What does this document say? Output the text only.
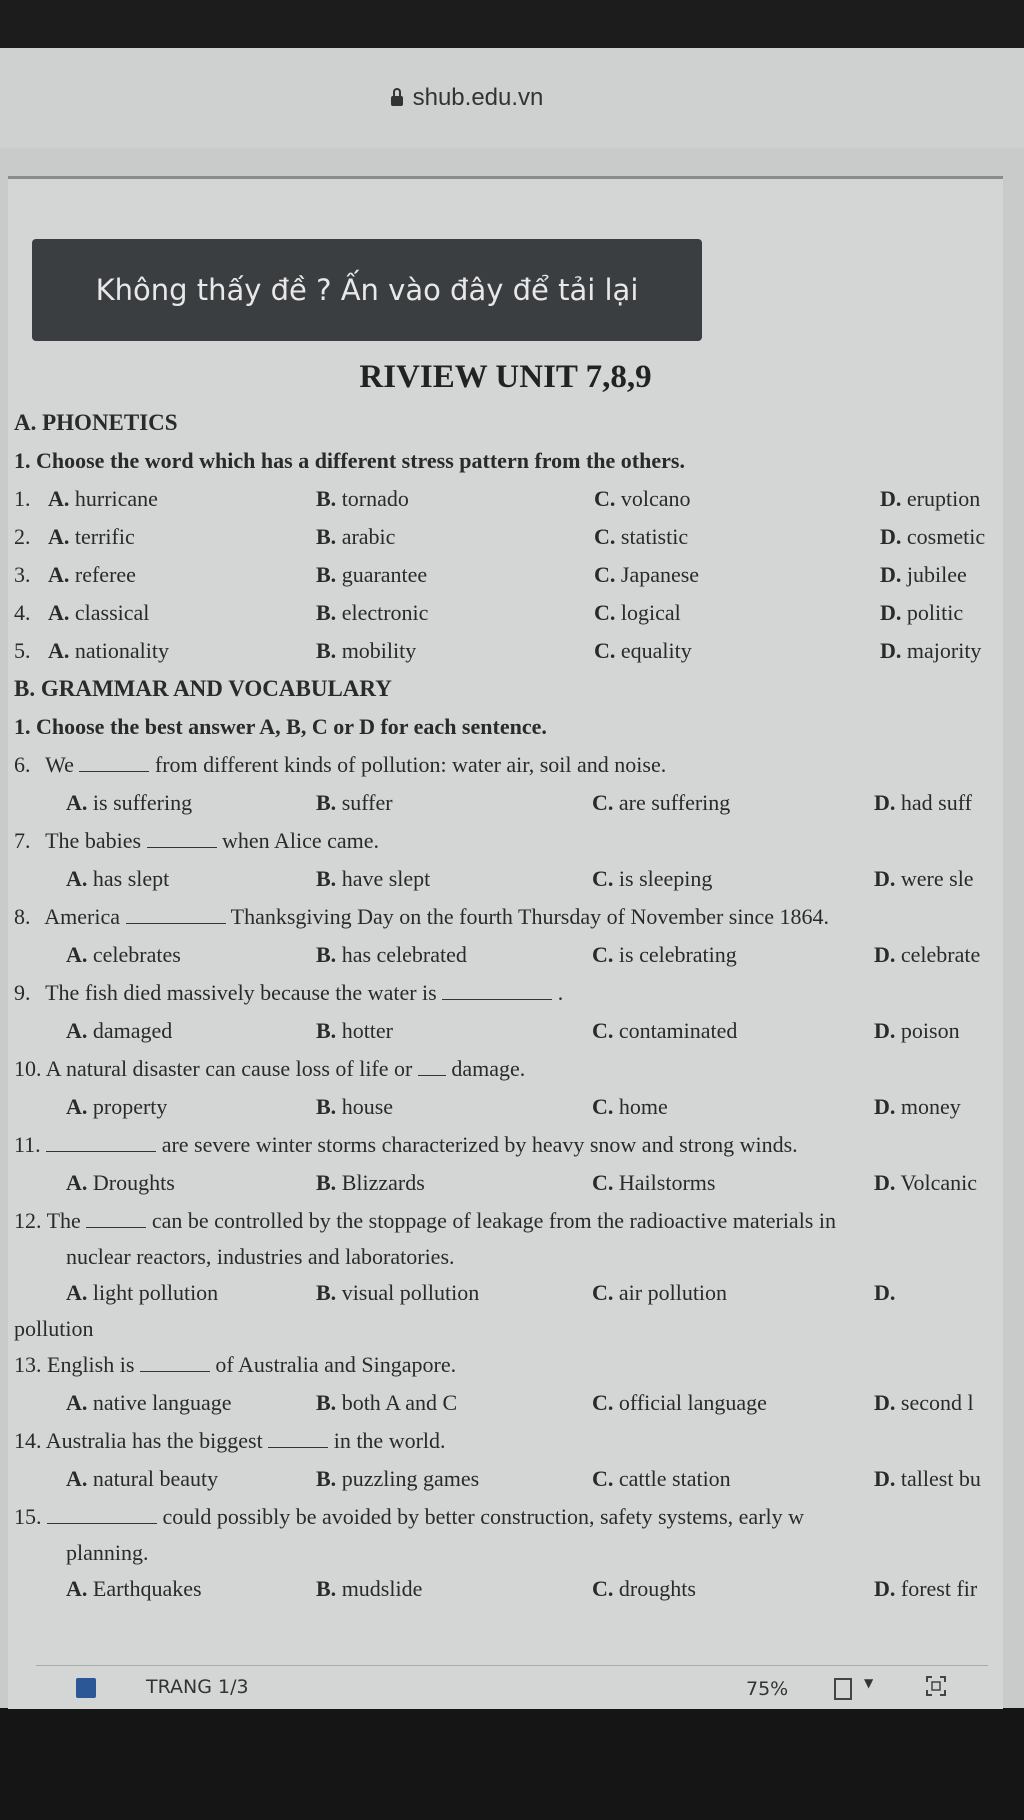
shub.edu.vn
Không thấy đề ? Ấn vào đây để tải lại
RIVIEW UNIT 7,8,9
A. PHONETICS
1. Choose the word which has a different stress pattern from the others.
1. A. hurricane	B. tornado	C. volcano	D. eruption
2. A. terrific	B. arabic	C. statistic	D. cosmetic
3. A. referee	B. guarantee	C. Japanese	D. jubilee
4. A. classical	B. electronic	C. logical	D. politic
5. A. nationality	B. mobility	C. equality	D. majority
B. GRAMMAR AND VOCABULARY
1. Choose the best answer A, B, C or D for each sentence.
6. We	from different kinds of pollution: water air, soil and noise.
A. is suffering	B. suffer	C. are suffering	D. had suff
7. The babies	when Alice came.
A. has slept	B. have slept	C. is sleeping	D. were sle
8. America	Thanksgiving Day on the fourth Thursday of November since 1864.
A. celebrates	B. has celebrated	C. is celebrating	D. celebrate
9. The fish died massively because the water is	.
A. damaged	B. hotter	C. contaminated	D. poison
10. A natural disaster can cause loss of life or damage.
A. property	B. house	C. home	D. money
11.	are severe winter storms characterized by heavy snow and strong winds.
A. Droughts	B. Blizzards	C. Hailstorms	D. Volcanic
12. The	can be controlled by the stoppage of leakage from the radioactive materials in
nuclear reactors, industries and laboratories.
A. light pollution	B. visual pollution	C. air pollution	D.
pollution
13. English is	of Australia and Singapore.
A. native language	B. both A and C	C. official language	D. second l
14. Australia has the biggest	in the world.
A. natural beauty	B. puzzling games	C. cattle station	D. tallest bu
15.	could possibly be avoided by better construction, safety systems, early w
planning.
A. Earthquakes	B. mudslide	C. droughts	D. forest fir
TRANG 1/3	75%	▼
